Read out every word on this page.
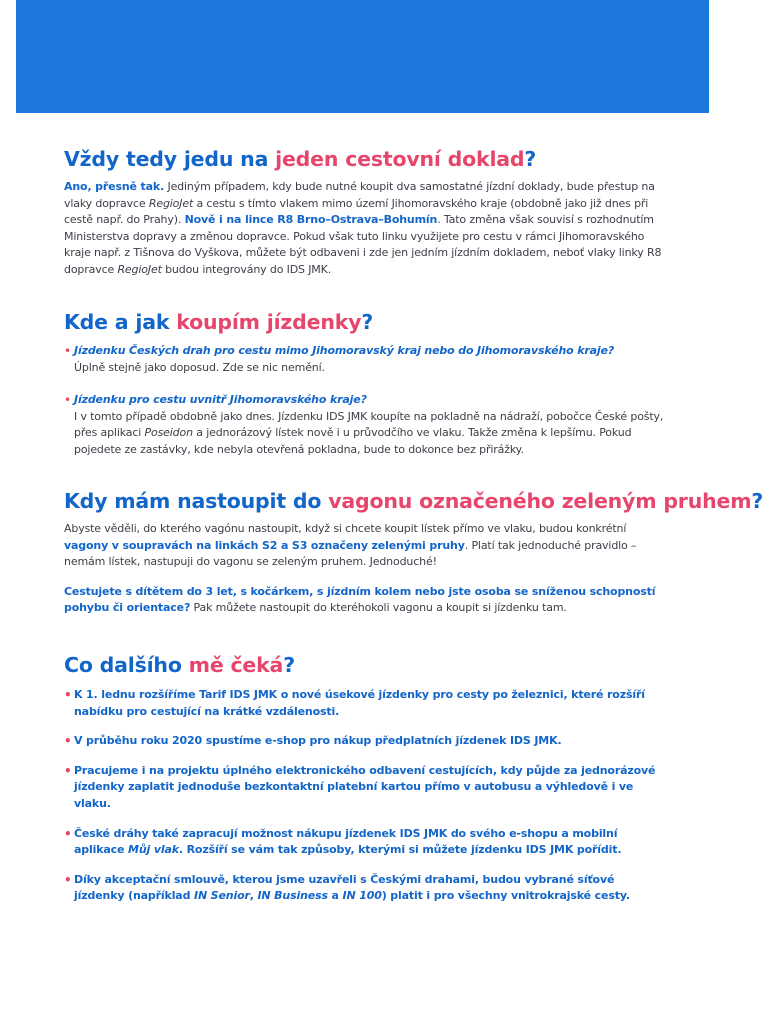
Vždy tedy jedu na jeden cestovní doklad?

Ano, přesně tak. Jediným případem, kdy bude nutné koupit dva samostatné jízdní doklady, bude přestup na vlaky dopravce RegioJet a cestu s tímto vlakem mimo území Jihomoravského kraje (obdobně jako již dnes při cestě např. do Prahy). Nově i na lince R8 Brno–Ostrava–Bohumín. Tato změna však souvisí s rozhodnutím Ministerstva dopravy a změnou dopravce. Pokud však tuto linku využijete pro cestu v rámci Jihomoravského kraje např. z Tišnova do Vyškova, můžete být odbaveni i zde jen jedním jízdním dokladem, neboť vlaky linky R8 dopravce RegioJet budou integrovány do IDS JMK.

Kde a jak koupím jízdenky?

• Jízdenku Českých drah pro cestu mimo Jihomoravský kraj nebo do Jihomoravského kraje?
Úplně stejně jako doposud. Zde se nic nemění.

• Jízdenku pro cestu uvnitř Jihomoravského kraje?
I v tomto případě obdobně jako dnes. Jízdenku IDS JMK koupíte na pokladně na nádraží, pobočce České pošty, přes aplikaci Poseidon a jednorázový lístek nově i u průvodčího ve vlaku. Takže změna k lepšímu. Pokud pojedete ze zastávky, kde nebyla otevřená pokladna, bude to dokonce bez přirážky.

Kdy mám nastoupit do vagonu označeného zeleným pruhem?

Abyste věděli, do kterého vagónu nastoupit, když si chcete koupit lístek přímo ve vlaku, budou konkrétní vagony v soupravách na linkách S2 a S3 označeny zelenými pruhy. Platí tak jednoduché pravidlo – nemám lístek, nastupuji do vagonu se zeleným pruhem. Jednoduché!

Cestujete s dítětem do 3 let, s kočárkem, s jízdním kolem nebo jste osoba se sníženou schopností pohybu či orientace? Pak můžete nastoupit do kteréhokoli vagonu a koupit si jízdenku tam.

Co dalšího mě čeká?

• K 1. lednu rozšíříme Tarif IDS JMK o nové úsekové jízdenky pro cesty po železnici, které rozšíří nabídku pro cestující na krátké vzdálenosti.

• V průběhu roku 2020 spustíme e-shop pro nákup předplatních jízdenek IDS JMK.

• Pracujeme i na projektu úplného elektronického odbavení cestujících, kdy půjde za jednorázové jízdenky zaplatit jednoduše bezkontaktní platební kartou přímo v autobusu a výhledově i ve vlaku.

• České dráhy také zapracují možnost nákupu jízdenek IDS JMK do svého e-shopu a mobilní aplikace Můj vlak. Rozšíří se vám tak způsoby, kterými si můžete jízdenku IDS JMK pořídit.

• Díky akceptační smlouvě, kterou jsme uzavřeli s Českými drahami, budou vybrané síťové jízdenky (například IN Senior, IN Business a IN 100) platit i pro všechny vnitrokrajské cesty.
